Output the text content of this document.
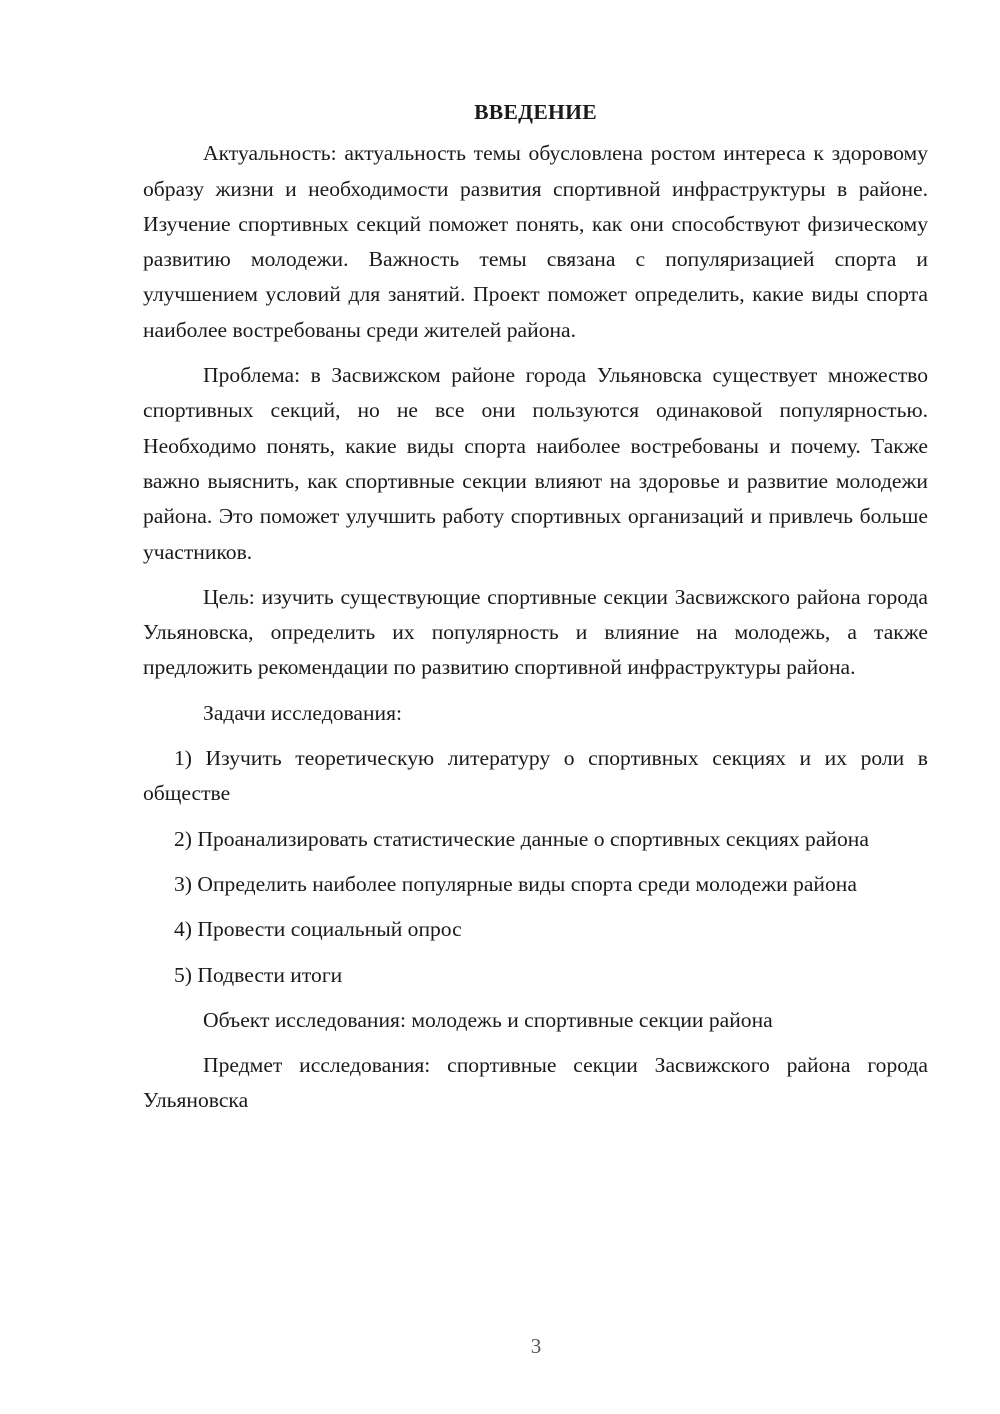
ВВЕДЕНИЕ

Актуальность: актуальность темы обусловлена ростом интереса к здоровому образу жизни и необходимости развития спортивной инфраструктуры в районе. Изучение спортивных секций поможет понять, как они способствуют физическому развитию молодежи. Важность темы связана с популяризацией спорта и улучшением условий для занятий. Проект поможет определить, какие виды спорта наиболее востребованы среди жителей района.

Проблема: в Засвижском районе города Ульяновска существует множество спортивных секций, но не все они пользуются одинаковой популярностью. Необходимо понять, какие виды спорта наиболее востребованы и почему. Также важно выяснить, как спортивные секции влияют на здоровье и развитие молодежи района. Это поможет улучшить работу спортивных организаций и привлечь больше участников.

Цель: изучить существующие спортивные секции Засвижского района города Ульяновска, определить их популярность и влияние на молодежь, а также предложить рекомендации по развитию спортивной инфраструктуры района.

Задачи исследования:

1) Изучить теоретическую литературу о спортивных секциях и их роли в обществе

2) Проанализировать статистические данные о спортивных секциях района

3) Определить наиболее популярные виды спорта среди молодежи района

4) Провести социальный опрос

5) Подвести итоги

Объект исследования: молодежь и спортивные секции района

Предмет исследования: спортивные секции Засвижского района города Ульяновска

3
